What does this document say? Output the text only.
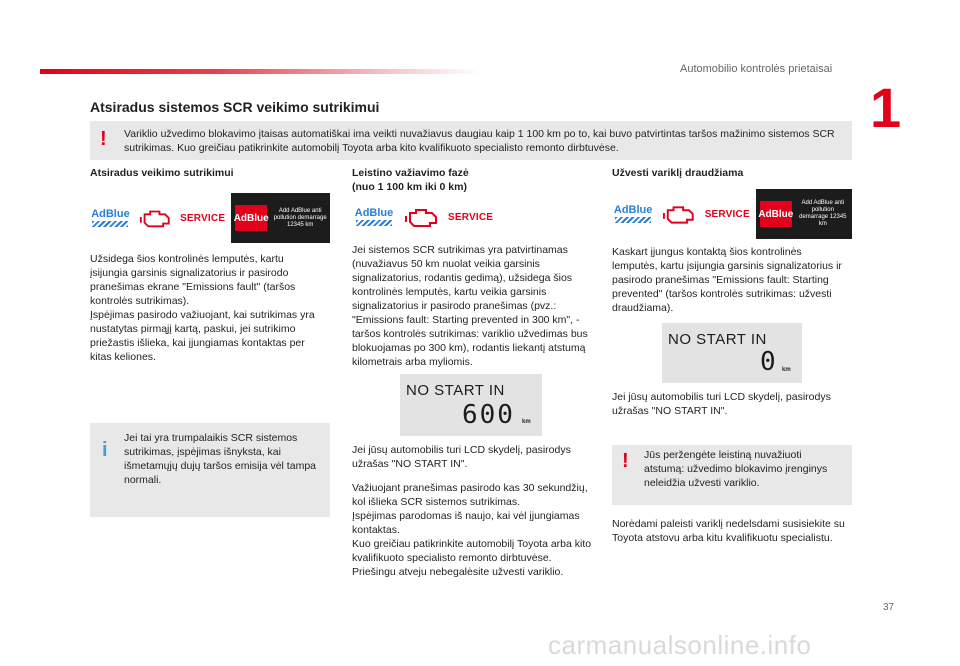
Automobilio kontrolės prietaisai
1
Atsiradus sistemos SCR veikimo sutrikimui
! Variklio užvedimo blokavimo įtaisas automatiškai ima veikti nuvažiavus daugiau kaip 1 100 km po to, kai buvo patvirtintas taršos mažinimo sistemos SCR sutrikimas. Kuo greičiau patikrinkite automobilį Toyota arba kito kvalifikuoto specialisto remonto dirbtuvėse.
Atsiradus veikimo sutrikimui
AdBlue	SERVICE AdBlue
Add AdBlue anti pollution demarrage 12345 km
Užsidega šios kontrolinės lemputės, kartu įsijungia garsinis signalizatorius ir pasirodo pranešimas ekrane "Emissions fault" (taršos kontrolės sutrikimas).
Įspėjimas pasirodo važiuojant, kai sutrikimas yra nustatytas pirmąjį kartą, paskui, jei sutrikimo priežastis išlieka, kai įjungiamas kontaktas per kitas keliones.
i
Jei tai yra trumpalaikis SCR sistemos sutrikimas, įspėjimas išnyksta, kai išmetamųjų dujų taršos emisija vėl tampa normali.
Leistino važiavimo fazė
(nuo 1 100 km iki 0 km)
AdBlue	SERVICE
Jei sistemos SCR sutrikimas yra patvirtinamas (nuvažiavus 50 km nuolat veikia garsinis signalizatorius, rodantis gedimą), užsidega šios kontrolinės lemputės, kartu veikia garsinis signalizatorius ir pasirodo pranešimas (pvz.: "Emissions fault: Starting prevented in 300 km", - taršos kontrolės sutrikimas: variklio užvedimas bus blokuojamas po 300 km), rodantis liekantį atstumą kilometrais arba myliomis.
NO START IN
600 km
Jei jūsų automobilis turi LCD skydelį, pasirodys užrašas "NO START IN".
Važiuojant pranešimas pasirodo kas 30 sekundžių, kol išlieka SCR sistemos sutrikimas.
Įspėjimas parodomas iš naujo, kai vėl įjungiamas kontaktas.
Kuo greičiau patikrinkite automobilį Toyota arba kito kvalifikuoto specialisto remonto dirbtuvėse. Priešingu atveju nebegalėsite užvesti variklio.
Užvesti variklį draudžiama
AdBlue	SERVICE AdBlue
Add AdBlue anti pollution demarrage 12345 km
Kaskart įjungus kontaktą šios kontrolinės lemputės, kartu įsijungia garsinis signalizatorius ir pasirodo pranešimas "Emissions fault: Starting prevented" (taršos kontrolės sutrikimas: užvesti draudžiama).
NO START IN
0 km
Jei jūsų automobilis turi LCD skydelį, pasirodys užrašas "NO START IN".
! Jūs peržengėte leistiną nuvažiuoti atstumą: užvedimo blokavimo įrenginys neleidžia užvesti variklio.
Norėdami paleisti variklį nedelsdami susisiekite su Toyota atstovu arba kitu kvalifikuotu specialistu.
37
carmanualsonline.info
